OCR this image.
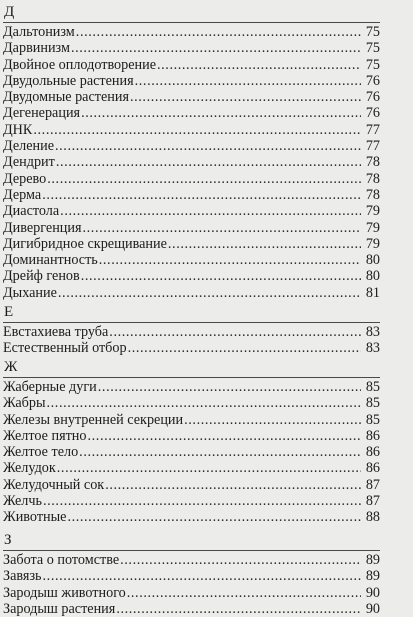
Д
Дальтонизм .....	75
Дарвинизм .....	75
Двойное оплодотворение .....	75
Двудольные растения .....	76
Двудомные растения .....	76
Дегенерация .....	76
ДНК .....	77
Деление .....	77
Дендрит .....	78
Дерево .....	78
Дерма .....	78
Диастола .....	79
Дивергенция .....	79
Дигибридное скрещивание .....	79
Доминантность .....	80
Дрейф генов .....	80
Дыхание .....	81
Е
Евстахиева труба .....	83
Естественный отбор .....	83
Ж
Жаберные дуги .....	85
Жабры .....	85
Железы внутренней секреции .....	85
Желтое пятно .....	86
Желтое тело .....	86
Желудок .....	86
Желудочный сок .....	87
Желчь .....	87
Животные .....	88
З
Забота о потомстве .....	89
Завязь .....	89
Зародыш животного .....	90
Зародыш растения .....	90
